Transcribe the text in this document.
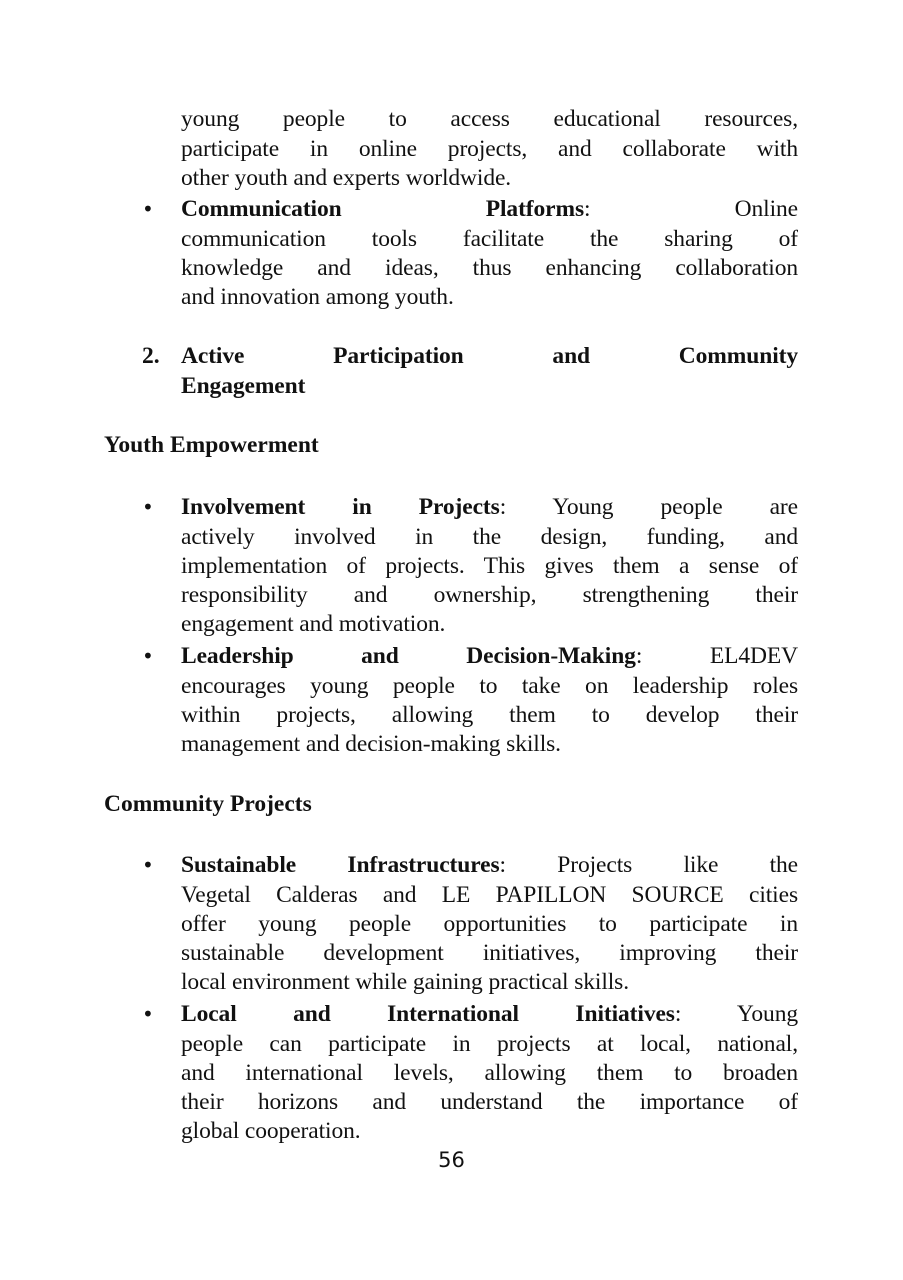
young people to access educational resources,
participate in online projects, and collaborate with
other youth and experts worldwide.
• Communication	Platforms:	Online
communication tools facilitate the sharing of
knowledge and ideas, thus enhancing collaboration
and innovation among youth.
2. Active Participation and Community
Engagement
Youth Empowerment
• Involvement in Projects: Young people are
actively involved in the design, funding, and
implementation of projects. This gives them a sense of
responsibility and ownership, strengthening their
engagement and motivation.
• Leadership and Decision-Making:	EL4DEV
encourages young people to take on leadership roles
within projects, allowing them to develop their
management and decision-making skills.
Community Projects
• Sustainable Infrastructures: Projects like the
Vegetal Calderas and LE PAPILLON SOURCE cities
offer young people opportunities to participate in
sustainable development initiatives, improving their
local environment while gaining practical skills.
• Local and International Initiatives: Young
people can participate in projects at local, national,
and international levels, allowing them to broaden
their horizons and understand the importance of
global cooperation.
56
